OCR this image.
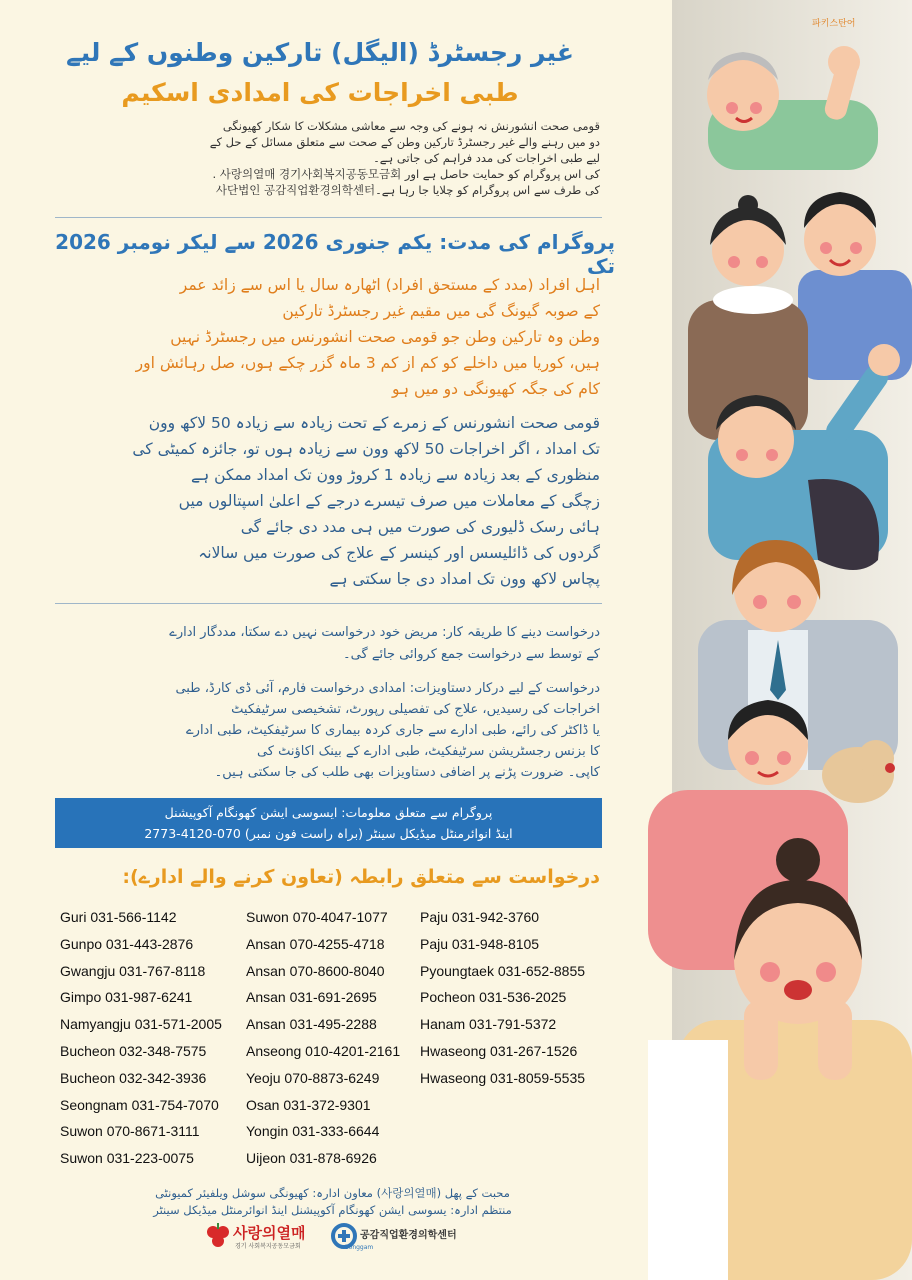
غیر رجسٹرڈ (الیگل) تارکین وطنوں کے لیے
طبی اخراجات کی امدادی اسکیم
قومی صحت انشورنش نہ ہونے کی وجہ سے معاشی مشکلات کا شکار کھیونگی
دو میں رہنے والے غیر رجسٹرڈ تارکین وطن کے صحت سے متعلق مسائل کے حل کے
لیے طبی اخراجات کی مدد فراہم کی جاتی ہے۔
کی اس پروگرام کو حمایت حاصل ہے اور 사랑의열매 경기사회복지공동모금회 .
کی طرف سے اس پروگرام کو چلایا جا رہا ہے۔사단법인 공감직업환경의학센터
پروگرام کی مدت: یکم جنوری 2026 سے لیکر نومبر 2026 تک
اہل افراد (مدد کے مستحق افراد) اٹھارہ سال یا اس سے زائد عمر
کے صوبہ گیونگ گی میں مقیم غیر رجسٹرڈ تارکین
وطن وہ تارکین وطن جو قومی صحت انشورنس میں رجسٹرڈ نہیں
ہیں، کوریا میں داخلے کو کم از کم 3 ماہ گزر چکے ہوں، صل رہائش اور
کام کی جگہ کھیونگی دو میں ہو
قومی صحت انشورنس کے زمرے کے تحت زیادہ سے زیادہ 50 لاکھ وون
تک امداد ، اگر اخراجات 50 لاکھ وون سے زیادہ ہوں تو، جائزہ کمیٹی کی
منظوری کے بعد زیادہ سے زیادہ 1 کروڑ وون تک امداد ممکن ہے
زچگی کے معاملات میں صرف تیسرے درجے کے اعلیٰ اسپتالوں میں
ہائی رسک ڈلیوری کی صورت میں ہی مدد دی جائے گی
گردوں کی ڈائلیسس اور کینسر کے علاج کی صورت میں سالانہ
پچاس لاکھ وون تک امداد دی جا سکتی ہے
درخواست دینے کا طریقہ کار: مریض خود درخواست نہیں دے سکتا، مددگار ادارے
کے توسط سے درخواست جمع کروائی جائے گی۔
درخواست کے لیے درکار دستاویزات: امدادی درخواست فارم، آئی ڈی کارڈ، طبی
اخراجات کی رسیدیں، علاج کی تفصیلی رپورٹ، تشخیصی سرٹیفکیٹ
یا ڈاکٹر کی رائے، طبی ادارے سے جاری کردہ بیماری کا سرٹیفکیٹ، طبی ادارے
کا بزنس رجسٹریشن سرٹیفکیٹ، طبی ادارے کے بینک اکاؤنٹ کی
کاپی۔ ضرورت پڑنے پر اضافی دستاویزات بھی طلب کی جا سکتی ہیں۔
پروگرام سے متعلق معلومات: ایسوسی ایشن کھونگام آکوپیشنل
اینڈ انوائرمنٹل میڈیکل سینٹر (براہ راست فون نمبر) 070-4120-2773
درخواست سے متعلق رابطہ (تعاون کرنے والے ادارے):
Guri 031-566-1142
Gunpo 031-443-2876
Gwangju 031-767-8118
Gimpo 031-987-6241
Namyangju 031-571-2005
Bucheon 032-348-7575
Bucheon 032-342-3936
Seongnam 031-754-7070
Suwon 070-8671-3111
Suwon 031-223-0075
Suwon 070-4047-1077
Ansan 070-4255-4718
Ansan 070-8600-8040
Ansan 031-691-2695
Ansan 031-495-2288
Anseong 010-4201-2161
Yeoju 070-8873-6249
Osan 031-372-9301
Yongin 031-333-6644
Uijeon 031-878-6926
Paju 031-942-3760
Paju 031-948-8105
Pyoungtaek 031-652-8855
Pocheon 031-536-2025
Hanam 031-791-5372
Hwaseong 031-267-1526
Hwaseong 031-8059-5535
محبت کے پھل (사랑의열매) معاون ادارہ: کھیونگی سوشل ویلفیئر کمیونٹی
منتظم ادارہ: یسوسی ایشن کھونگام آکوپیشنل اینڈ انوائرمنٹل میڈیکل سینٹر
사랑의열매
경기 사회복지공동모금회
공감직업환경의학센터
Gonggam
파키스탄어
